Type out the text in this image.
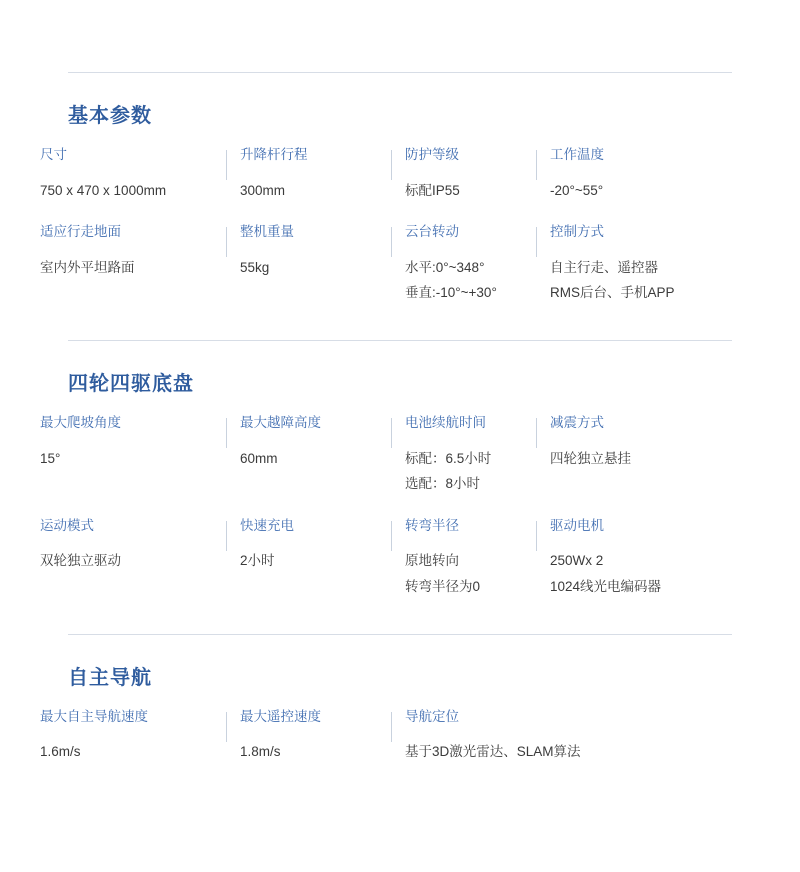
基本参数
尺寸
750 x 470 x 1000mm
升降杆行程
300mm
防护等级
标配IP55
工作温度
-20°~55°
适应行走地面
室内外平坦路面
整机重量
55kg
云台转动
水平:0°~348°
垂直:-10°~+30°
控制方式
自主行走、遥控器
RMS后台、手机APP
四轮四驱底盘
最大爬坡角度
15°
最大越障高度
60mm
电池续航时间
标配：6.5小时
选配：8小时
减震方式
四轮独立悬挂
运动模式
双轮独立驱动
快速充电
2小时
转弯半径
原地转向
转弯半径为0
驱动电机
250Wx 2
1024线光电编码器
自主导航
最大自主导航速度
1.6m/s
最大遥控速度
1.8m/s
导航定位
基于3D激光雷达、SLAM算法
